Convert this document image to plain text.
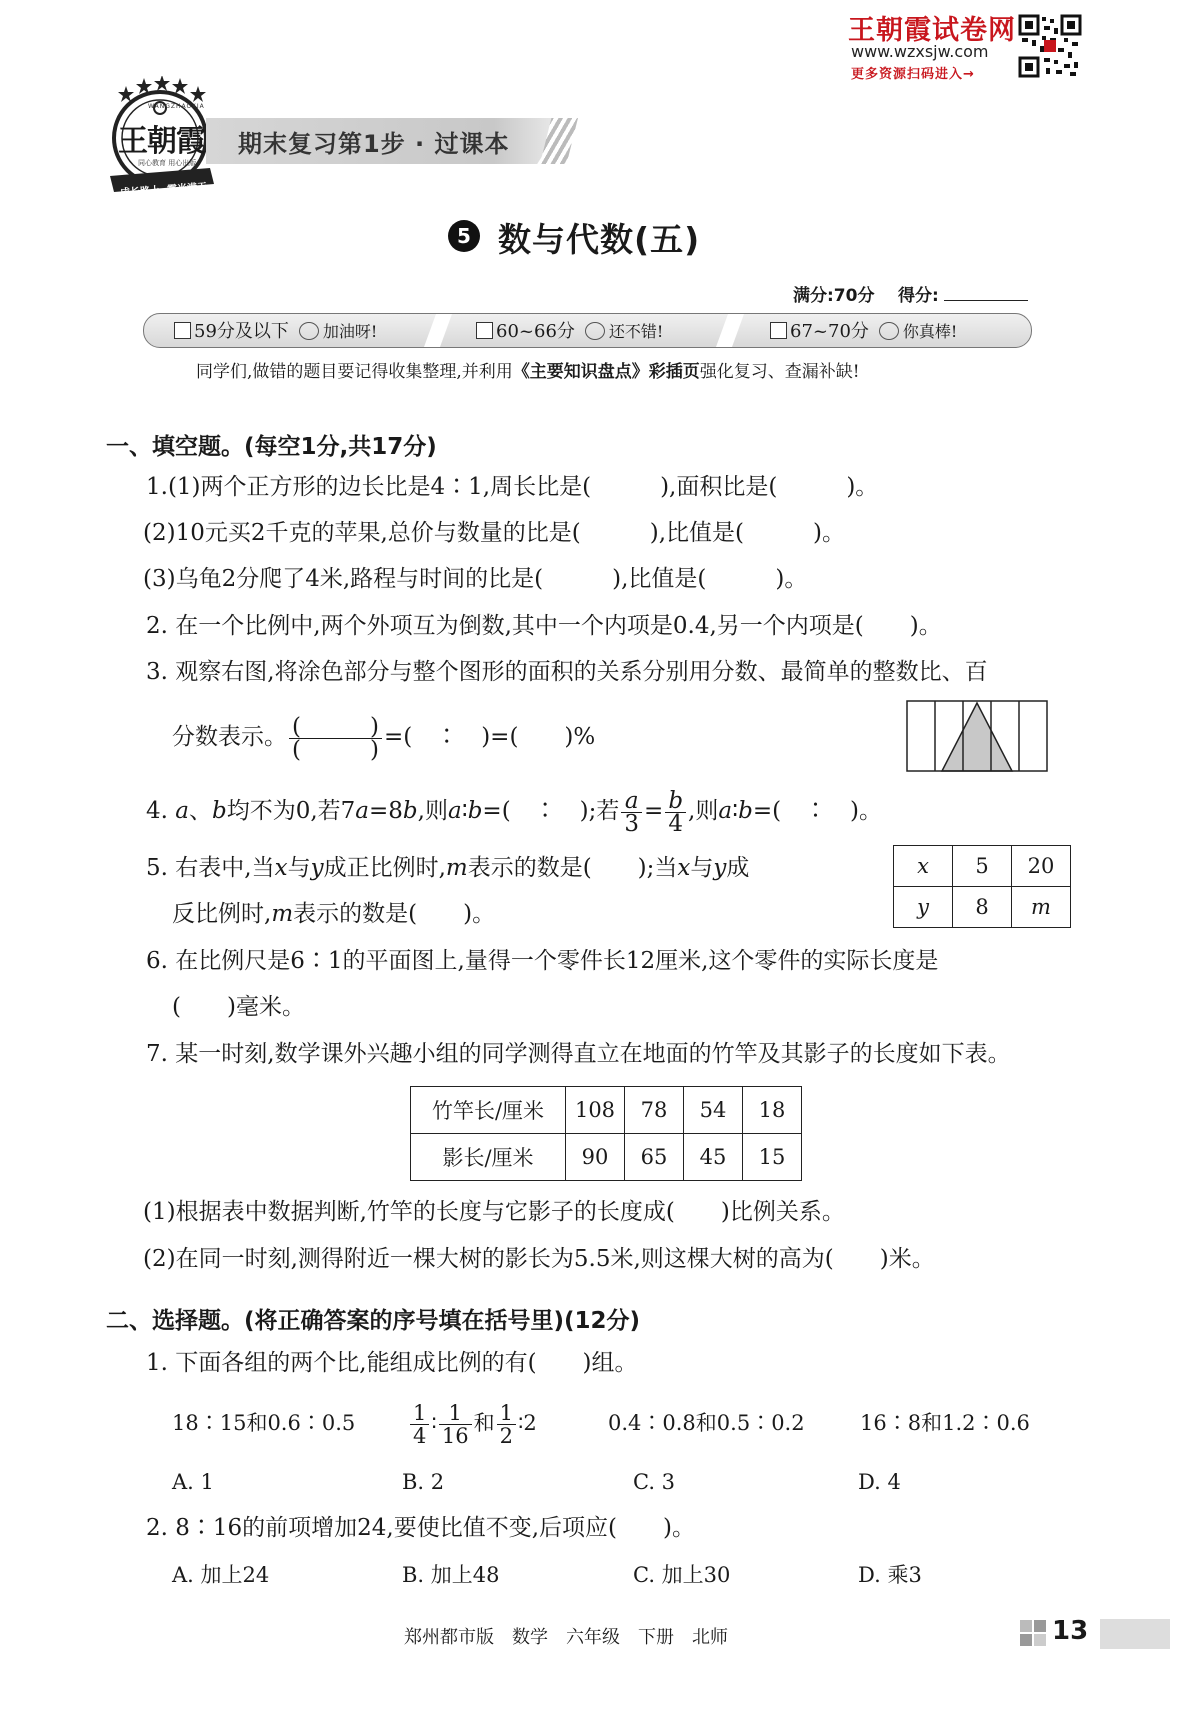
王朝霞试卷网
www.wzxsjw.com
更多资源扫码进入→
王朝霞
WANGZHAOXIA
同心教育 用心出版
成长路上  霞光满天
期末复习第1步 · 过课本
5 数与代数(五)
满分:70分 得分:
59分及以下 加油呀!	60~66分 还不错!	67~70分 你真棒!
同学们,做错的题目要记得收集整理,并利用《主要知识盘点》彩插页强化复习、查漏补缺!
一、填空题。(每空1分,共17分)
1.(1)两个正方形的边长比是4∶1,周长比是(　　　),面积比是(　　　)。
(2)10元买2千克的苹果,总价与数量的比是(　　　),比值是(　　　)。
(3)乌龟2分爬了4米,路程与时间的比是(　　　),比值是(　　　)。
2. 在一个比例中,两个外项互为倒数,其中一个内项是0.4,另一个内项是(　　)。
3. 观察右图,将涂色部分与整个图形的面积的关系分别用分数、最简单的整数比、百
分数表示。 $\frac{( )}{( )}$ =(　∶　)=(　　)%
4. a、b均不为0,若7a=8b,则a∶b=(　∶　);若 $\frac{a}{3} = \frac{b}{4}$ ,则a∶b=(　∶　)。
5. 右表中,当x与y成正比例时,m表示的数是(　　);当x与y成
反比例时,m表示的数是(　　)。
x	5	20
y	8	m
6. 在比例尺是6∶1的平面图上,量得一个零件长12厘米,这个零件的实际长度是
(　　)毫米。
7. 某一时刻,数学课外兴趣小组的同学测得直立在地面的竹竿及其影子的长度如下表。
竹竿长/厘米	108	78	54	18
影长/厘米	90	65	45	15
(1)根据表中数据判断,竹竿的长度与它影子的长度成(　　)比例关系。
(2)在同一时刻,测得附近一棵大树的影长为5.5米,则这棵大树的高为(　　)米。
二、选择题。(将正确答案的序号填在括号里)(12分)
1. 下面各组的两个比,能组成比例的有(　　)组。
18∶15和0.6∶0.5	$\frac{1}{4}$ ∶ $\frac{1}{16}$ 和 $\frac{1}{2}$ ∶2	0.4∶0.8和0.5∶0.2	16∶8和1.2∶0.6
A. 1	B. 2	C. 3	D. 4
2. 8∶16的前项增加24,要使比值不变,后项应(　　)。
A. 加上24	B. 加上48	C. 加上30	D. 乘3
郑州都市版　数学　六年级　下册　北师	13
